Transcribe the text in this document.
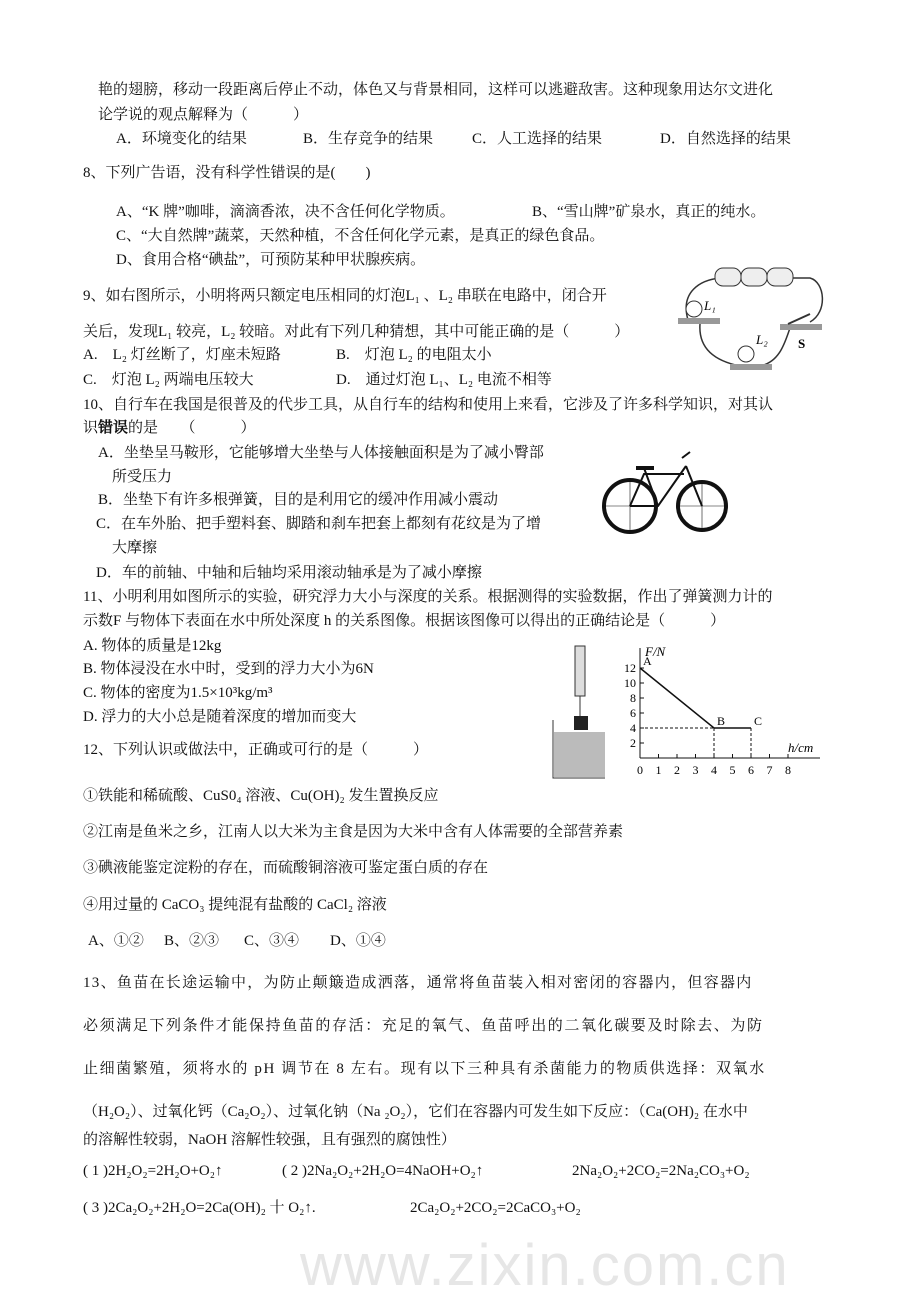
www.zixin.com.cn
艳的翅膀，移动一段距离后停止不动，体色又与背景相同，这样可以逃避敌害。这种现象用达尔文进化
论学说的观点解释为（　　　）
A．环境变化的结果	B．生存竞争的结果	C．人工选择的结果	D．自然选择的结果
8、下列广告语，没有科学性错误的是(　　)
A、“K 牌”咖啡，滴滴香浓，决不含任何化学物质。	B、“雪山牌”矿泉水，真正的纯水。
C、“大自然牌”蔬菜，天然种植，不含任何化学元素，是真正的绿色食品。
D、食用合格“碘盐”，可预防某种甲状腺疾病。
9、如右图所示，小明将两只额定电压相同的灯泡L₁ 、L₂ 串联在电路中，闭合开
关后，发现L₁ 较亮，L₂ 较暗。对此有下列几种猜想，其中可能正确的是（　　　）
A.　L₂ 灯丝断了，灯座未短路	B.　灯泡 L₂ 的电阻太小
C.　灯泡 L₂ 两端电压较大	D.　通过灯泡 L₁、L₂ 电流不相等
L₁
L₂ S
10、自行车在我国是很普及的代步工具，从自行车的结构和使用上来看，它涉及了许多科学知识，对其认
识错误的是　　（　　　）
A．坐垫呈马鞍形，它能够增大坐垫与人体接触面积是为了减小臀部
所受压力
B．坐垫下有许多根弹簧，目的是利用它的缓冲作用减小震动
C．在车外胎、把手塑料套、脚踏和刹车把套上都刻有花纹是为了增
大摩擦
D．车的前轴、中轴和后轴均采用滚动轴承是为了减小摩擦
11、小明利用如图所示的实验，研究浮力大小与深度的关系。根据测得的实验数据，作出了弹簧测力计的
示数F 与物体下表面在水中所处深度 h 的关系图像。根据该图像可以得出的正确结论是（　　　）
A. 物体的质量是12kg
B. 物体浸没在水中时，受到的浮力大小为6N
C. 物体的密度为1.5×10³kg/m³
D. 浮力的大小总是随着深度的增加而变大
F/N
h/cm
2
4
6
8
10
12
0 1 2 3 4 5 6 7 8
A
B C
12、下列认识或做法中，正确或可行的是（　　　）
①铁能和稀硫酸、CuS0₄ 溶液、Cu(OH)₂ 发生置换反应
②江南是鱼米之乡，江南人以大米为主食是因为大米中含有人体需要的全部营养素
③碘液能鉴定淀粉的存在，而硫酸铜溶液可鉴定蛋白质的存在
④用过量的 CaCO₃ 提纯混有盐酸的 CaCl₂ 溶液
A、①② B、②③ C、③④ D、①④
13、鱼苗在长途运输中，为防止颠簸造成洒落，通常将鱼苗装入相对密闭的容器内，但容器内
必须满足下列条件才能保持鱼苗的存活：充足的氧气、鱼苗呼出的二氧化碳要及时除去、为防
止细菌繁殖，须将水的 pH 调节在 8 左右。现有以下三种具有杀菌能力的物质供选择：双氧水
（H₂O₂）、过氧化钙（Ca₂O₂）、过氧化钠（Na ₂O₂），它们在容器内可发生如下反应：（Ca(OH)₂ 在水中
的溶解性较弱，NaOH 溶解性较强，且有强烈的腐蚀性）
( 1 )2H₂O₂=2H₂O+O₂↑	( 2 )2Na₂O₂+2H₂O=4NaOH+O₂↑	2Na₂O₂+2CO₂=2Na₂CO₃+O₂
( 3 )2Ca₂O₂+2H₂O=2Ca(OH)₂ 十 O₂↑.	2Ca₂O₂+2CO₂=2CaCO₃+O₂
